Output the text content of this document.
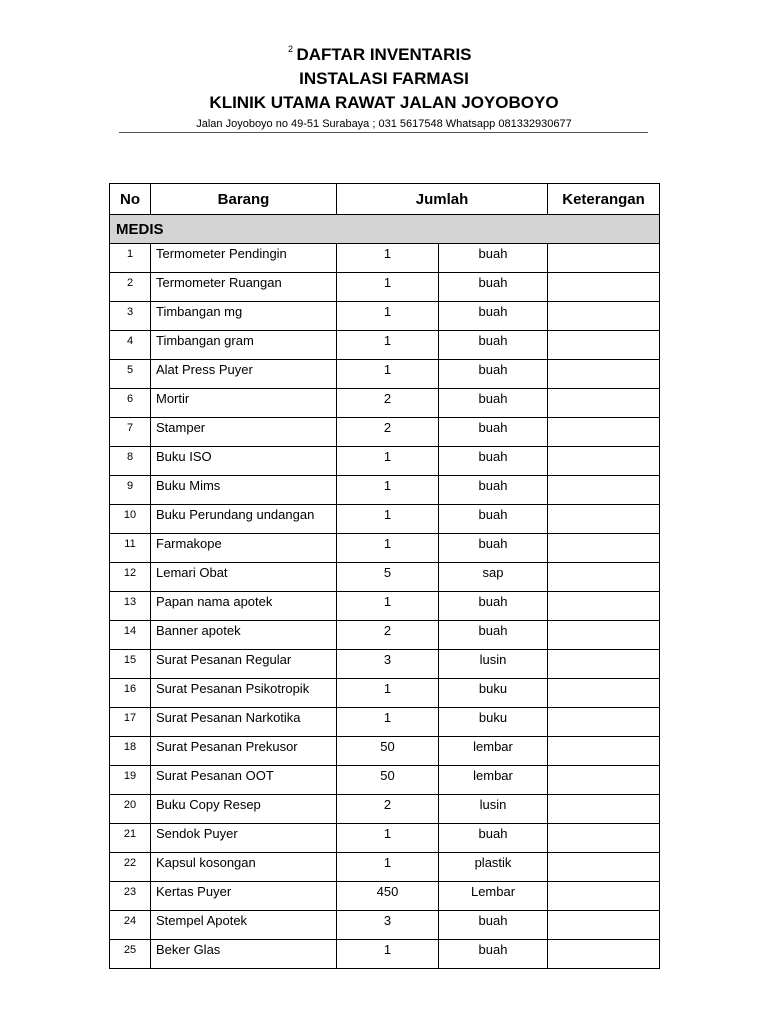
2 DAFTAR INVENTARIS
INSTALASI FARMASI
KLINIK UTAMA RAWAT JALAN JOYOBOYO
Jalan Joyoboyo no 49-51 Surabaya ; 031 5617548 Whatsapp 081332930677
No	Barang	Jumlah		Keterangan
MEDIS				
1	Termometer Pendingin	1	buah	
2	Termometer Ruangan	1	buah	
3	Timbangan mg	1	buah	
4	Timbangan gram	1	buah	
5	Alat Press Puyer	1	buah	
6	Mortir	2	buah	
7	Stamper	2	buah	
8	Buku ISO	1	buah	
9	Buku Mims	1	buah	
10	Buku Perundang undangan	1	buah	
11	Farmakope	1	buah	
12	Lemari Obat	5	sap	
13	Papan nama apotek	1	buah	
14	Banner apotek	2	buah	
15	Surat Pesanan Regular	3	lusin	
16	Surat Pesanan Psikotropik	1	buku	
17	Surat Pesanan Narkotika	1	buku	
18	Surat Pesanan Prekusor	50	lembar	
19	Surat Pesanan OOT	50	lembar	
20	Buku Copy Resep	2	lusin	
21	Sendok Puyer	1	buah	
22	Kapsul kosongan	1	plastik	
23	Kertas Puyer	450	Lembar	
24	Stempel Apotek	3	buah	
25	Beker Glas	1	buah	
